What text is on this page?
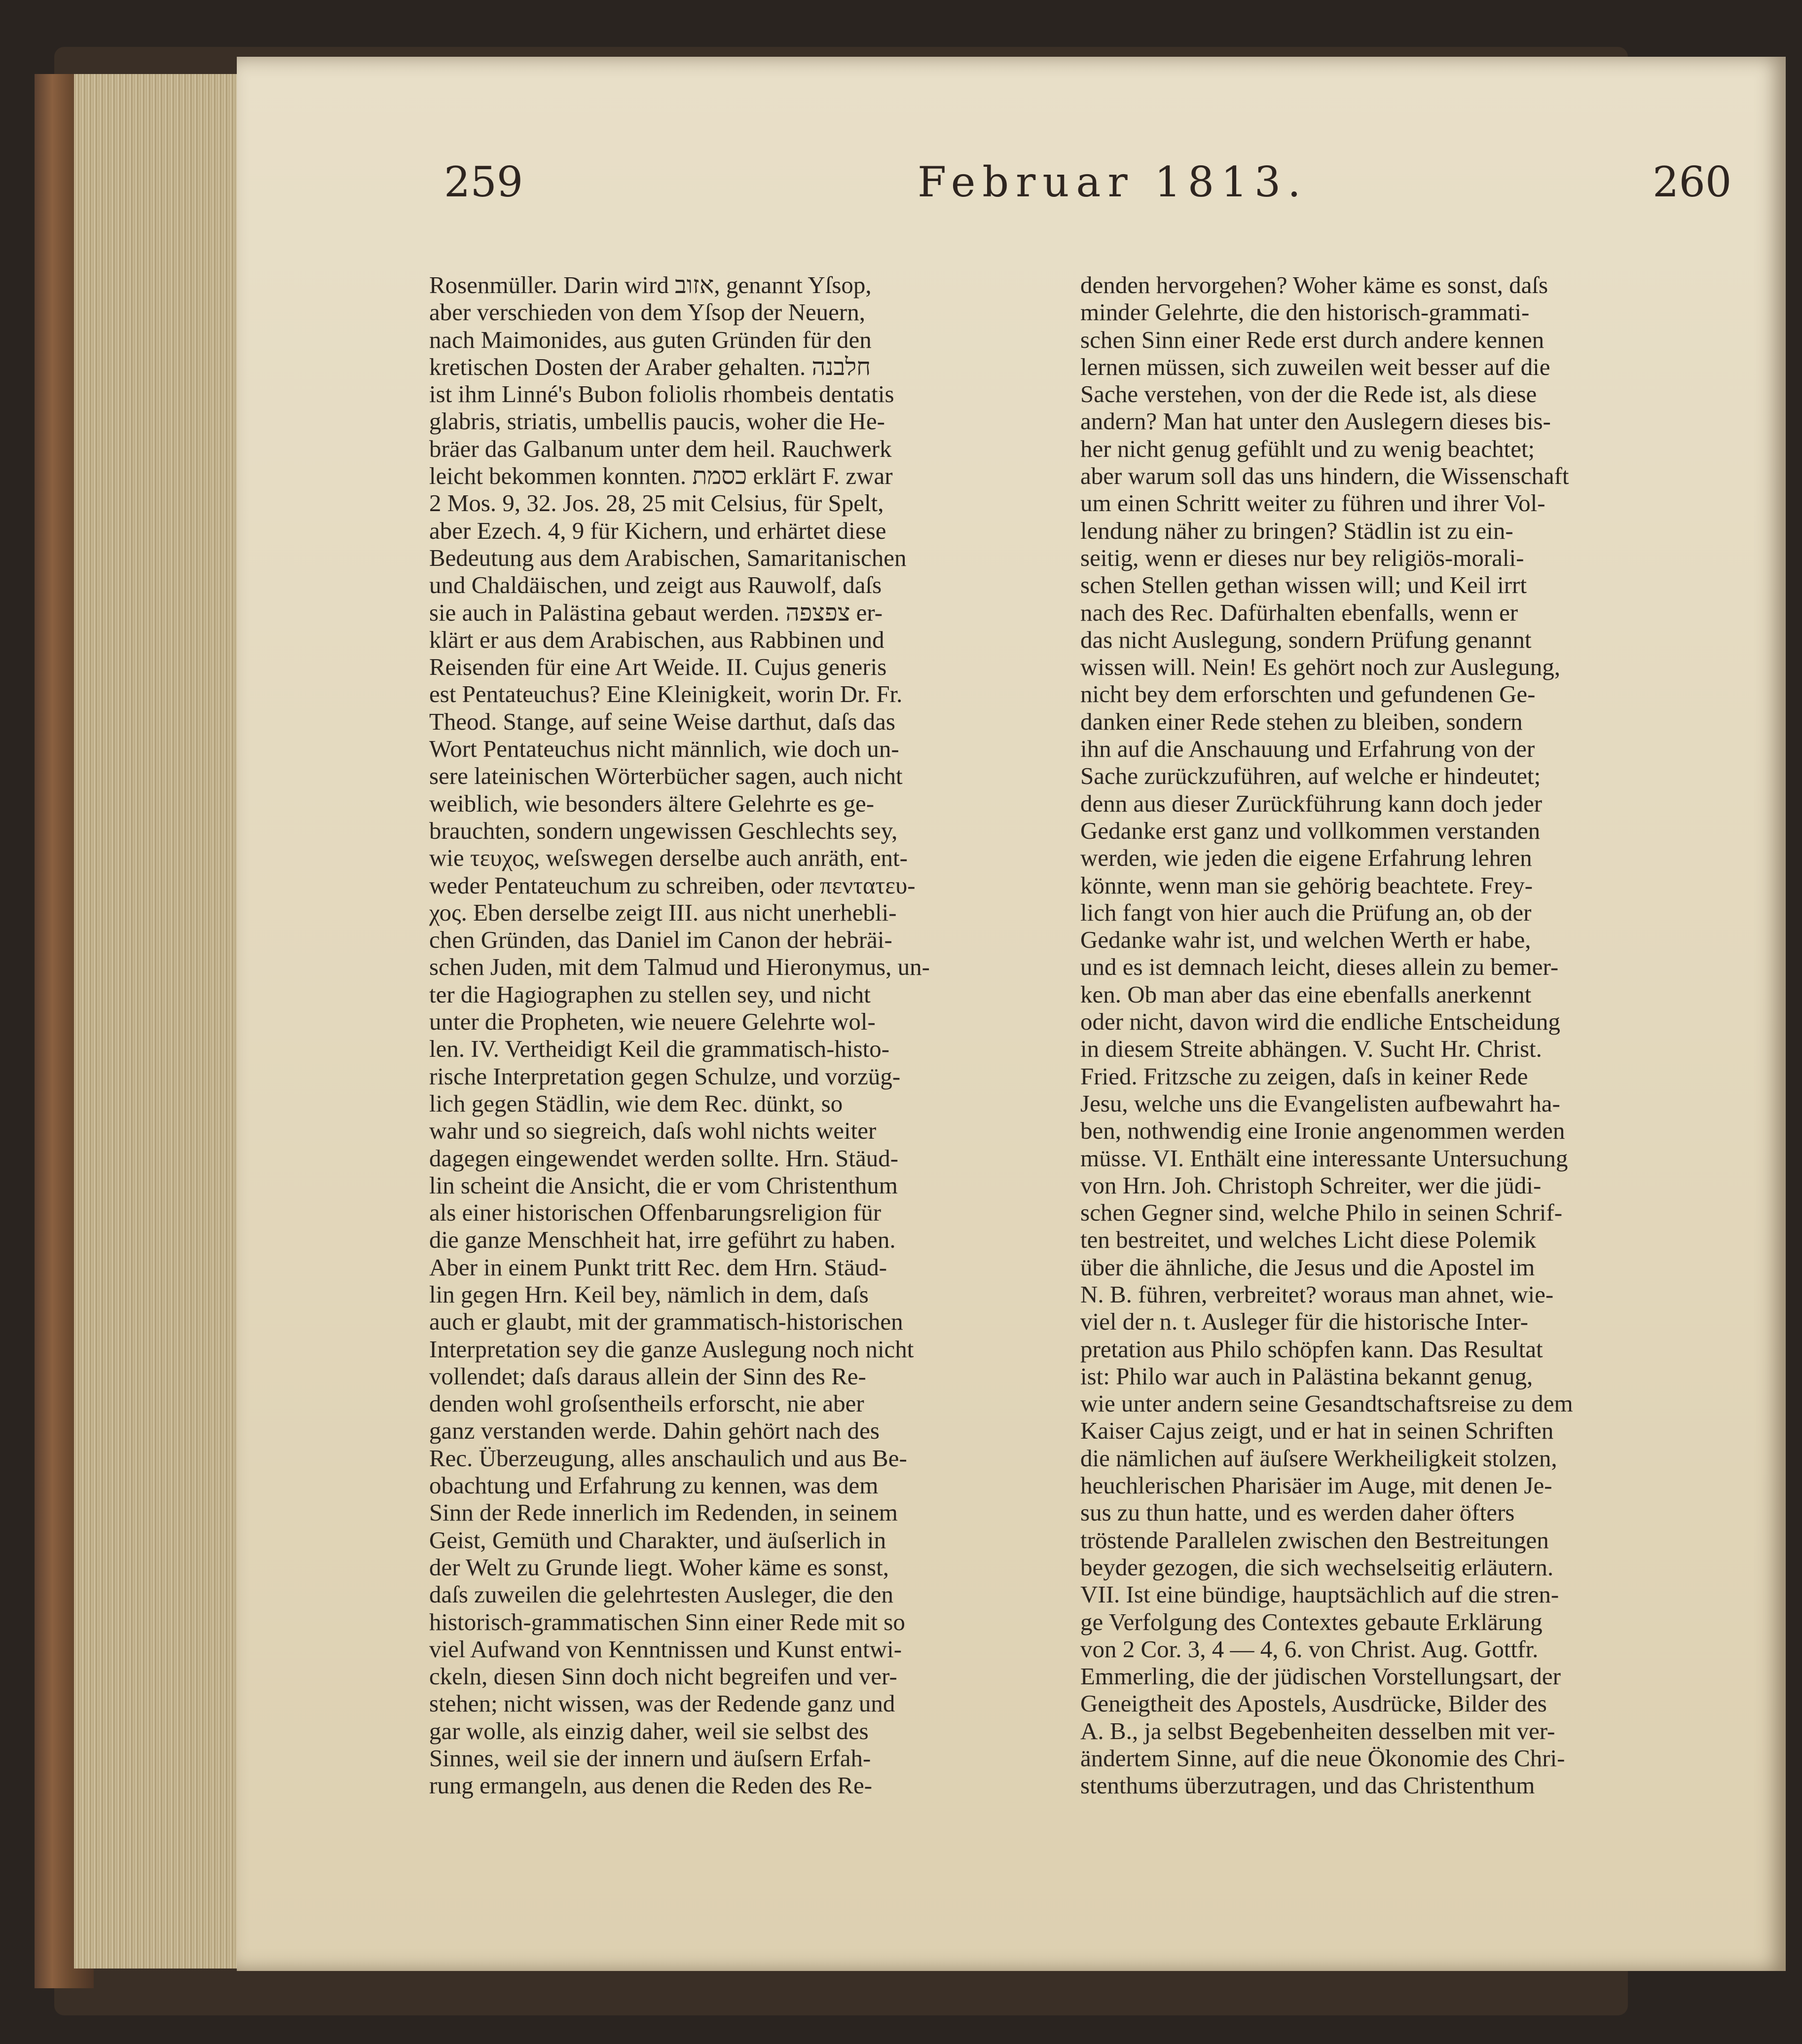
259	Februar 1813.	260
Rosenmüller. Darin wird אזוב, genannt Yſsop,
aber verschieden von dem Yſsop der Neuern,
nach Maimonides, aus guten Gründen für den
kretischen Dosten der Araber gehalten. חלבנה
ist ihm Linné's Bubon foliolis rhombeis dentatis
glabris, striatis, umbellis paucis, woher die He-
bräer das Galbanum unter dem heil. Rauchwerk
leicht bekommen konnten. כסמת erklärt F. zwar
2 Mos. 9, 32. Jos. 28, 25 mit Celsius, für Spelt,
aber Ezech. 4, 9 für Kichern, und erhärtet diese
Bedeutung aus dem Arabischen, Samaritanischen
und Chaldäischen, und zeigt aus Rauwolf, daſs
sie auch in Palästina gebaut werden. צפצפה er-
klärt er aus dem Arabischen, aus Rabbinen und
Reisenden für eine Art Weide. II. Cujus generis
est Pentateuchus? Eine Kleinigkeit, worin Dr. Fr.
Theod. Stange, auf seine Weise darthut, daſs das
Wort Pentateuchus nicht männlich, wie doch un-
sere lateinischen Wörterbücher sagen, auch nicht
weiblich, wie besonders ältere Gelehrte es ge-
brauchten, sondern ungewissen Geschlechts sey,
wie τευχος, weſswegen derselbe auch anräth, ent-
weder Pentateuchum zu schreiben, oder πεντατευ-
χος. Eben derselbe zeigt III. aus nicht unerhebli-
chen Gründen, das Daniel im Canon der hebräi-
schen Juden, mit dem Talmud und Hieronymus, un-
ter die Hagiographen zu stellen sey, und nicht
unter die Propheten, wie neuere Gelehrte wol-
len. IV. Vertheidigt Keil die grammatisch-histo-
rische Interpretation gegen Schulze, und vorzüg-
lich gegen Städlin, wie dem Rec. dünkt, so
wahr und so siegreich, daſs wohl nichts weiter
dagegen eingewendet werden sollte. Hrn. Stäud-
lin scheint die Ansicht, die er vom Christenthum
als einer historischen Offenbarungsreligion für
die ganze Menschheit hat, irre geführt zu haben.
Aber in einem Punkt tritt Rec. dem Hrn. Stäud-
lin gegen Hrn. Keil bey, nämlich in dem, daſs
auch er glaubt, mit der grammatisch-historischen
Interpretation sey die ganze Auslegung noch nicht
vollendet; daſs daraus allein der Sinn des Re-
denden wohl groſsentheils erforscht, nie aber
ganz verstanden werde. Dahin gehört nach des
Rec. Überzeugung, alles anschaulich und aus Be-
obachtung und Erfahrung zu kennen, was dem
Sinn der Rede innerlich im Redenden, in seinem
Geist, Gemüth und Charakter, und äuſserlich in
der Welt zu Grunde liegt. Woher käme es sonst,
daſs zuweilen die gelehrtesten Ausleger, die den
historisch-grammatischen Sinn einer Rede mit so
viel Aufwand von Kenntnissen und Kunst entwi-
ckeln, diesen Sinn doch nicht begreifen und ver-
stehen; nicht wissen, was der Redende ganz und
gar wolle, als einzig daher, weil sie selbst des
Sinnes, weil sie der innern und äuſsern Erfah-
rung ermangeln, aus denen die Reden des Re-
denden hervorgehen? Woher käme es sonst, daſs
minder Gelehrte, die den historisch-grammati-
schen Sinn einer Rede erst durch andere kennen
lernen müssen, sich zuweilen weit besser auf die
Sache verstehen, von der die Rede ist, als diese
andern? Man hat unter den Auslegern dieses bis-
her nicht genug gefühlt und zu wenig beachtet;
aber warum soll das uns hindern, die Wissenschaft
um einen Schritt weiter zu führen und ihrer Vol-
lendung näher zu bringen? Städlin ist zu ein-
seitig, wenn er dieses nur bey religiös-morali-
schen Stellen gethan wissen will; und Keil irrt
nach des Rec. Dafürhalten ebenfalls, wenn er
das nicht Auslegung, sondern Prüfung genannt
wissen will. Nein! Es gehört noch zur Auslegung,
nicht bey dem erforschten und gefundenen Ge-
danken einer Rede stehen zu bleiben, sondern
ihn auf die Anschauung und Erfahrung von der
Sache zurückzuführen, auf welche er hindeutet;
denn aus dieser Zurückführung kann doch jeder
Gedanke erst ganz und vollkommen verstanden
werden, wie jeden die eigene Erfahrung lehren
könnte, wenn man sie gehörig beachtete. Frey-
lich fangt von hier auch die Prüfung an, ob der
Gedanke wahr ist, und welchen Werth er habe,
und es ist demnach leicht, dieses allein zu bemer-
ken. Ob man aber das eine ebenfalls anerkennt
oder nicht, davon wird die endliche Entscheidung
in diesem Streite abhängen. V. Sucht Hr. Christ.
Fried. Fritzsche zu zeigen, daſs in keiner Rede
Jesu, welche uns die Evangelisten aufbewahrt ha-
ben, nothwendig eine Ironie angenommen werden
müsse. VI. Enthält eine interessante Untersuchung
von Hrn. Joh. Christoph Schreiter, wer die jüdi-
schen Gegner sind, welche Philo in seinen Schrif-
ten bestreitet, und welches Licht diese Polemik
über die ähnliche, die Jesus und die Apostel im
N. B. führen, verbreitet? woraus man ahnet, wie-
viel der n. t. Ausleger für die historische Inter-
pretation aus Philo schöpfen kann. Das Resultat
ist: Philo war auch in Palästina bekannt genug,
wie unter andern seine Gesandtschaftsreise zu dem
Kaiser Cajus zeigt, und er hat in seinen Schriften
die nämlichen auf äuſsere Werkheiligkeit stolzen,
heuchlerischen Pharisäer im Auge, mit denen Je-
sus zu thun hatte, und es werden daher öfters
tröstende Parallelen zwischen den Bestreitungen
beyder gezogen, die sich wechselseitig erläutern.
VII. Ist eine bündige, hauptsächlich auf die stren-
ge Verfolgung des Contextes gebaute Erklärung
von 2 Cor. 3, 4 — 4, 6. von Christ. Aug. Gottfr.
Emmerling, die der jüdischen Vorstellungsart, der
Geneigtheit des Apostels, Ausdrücke, Bilder des
A. B., ja selbst Begebenheiten desselben mit ver-
ändertem Sinne, auf die neue Ökonomie des Chri-
stenthums überzutragen, und das Christenthum
